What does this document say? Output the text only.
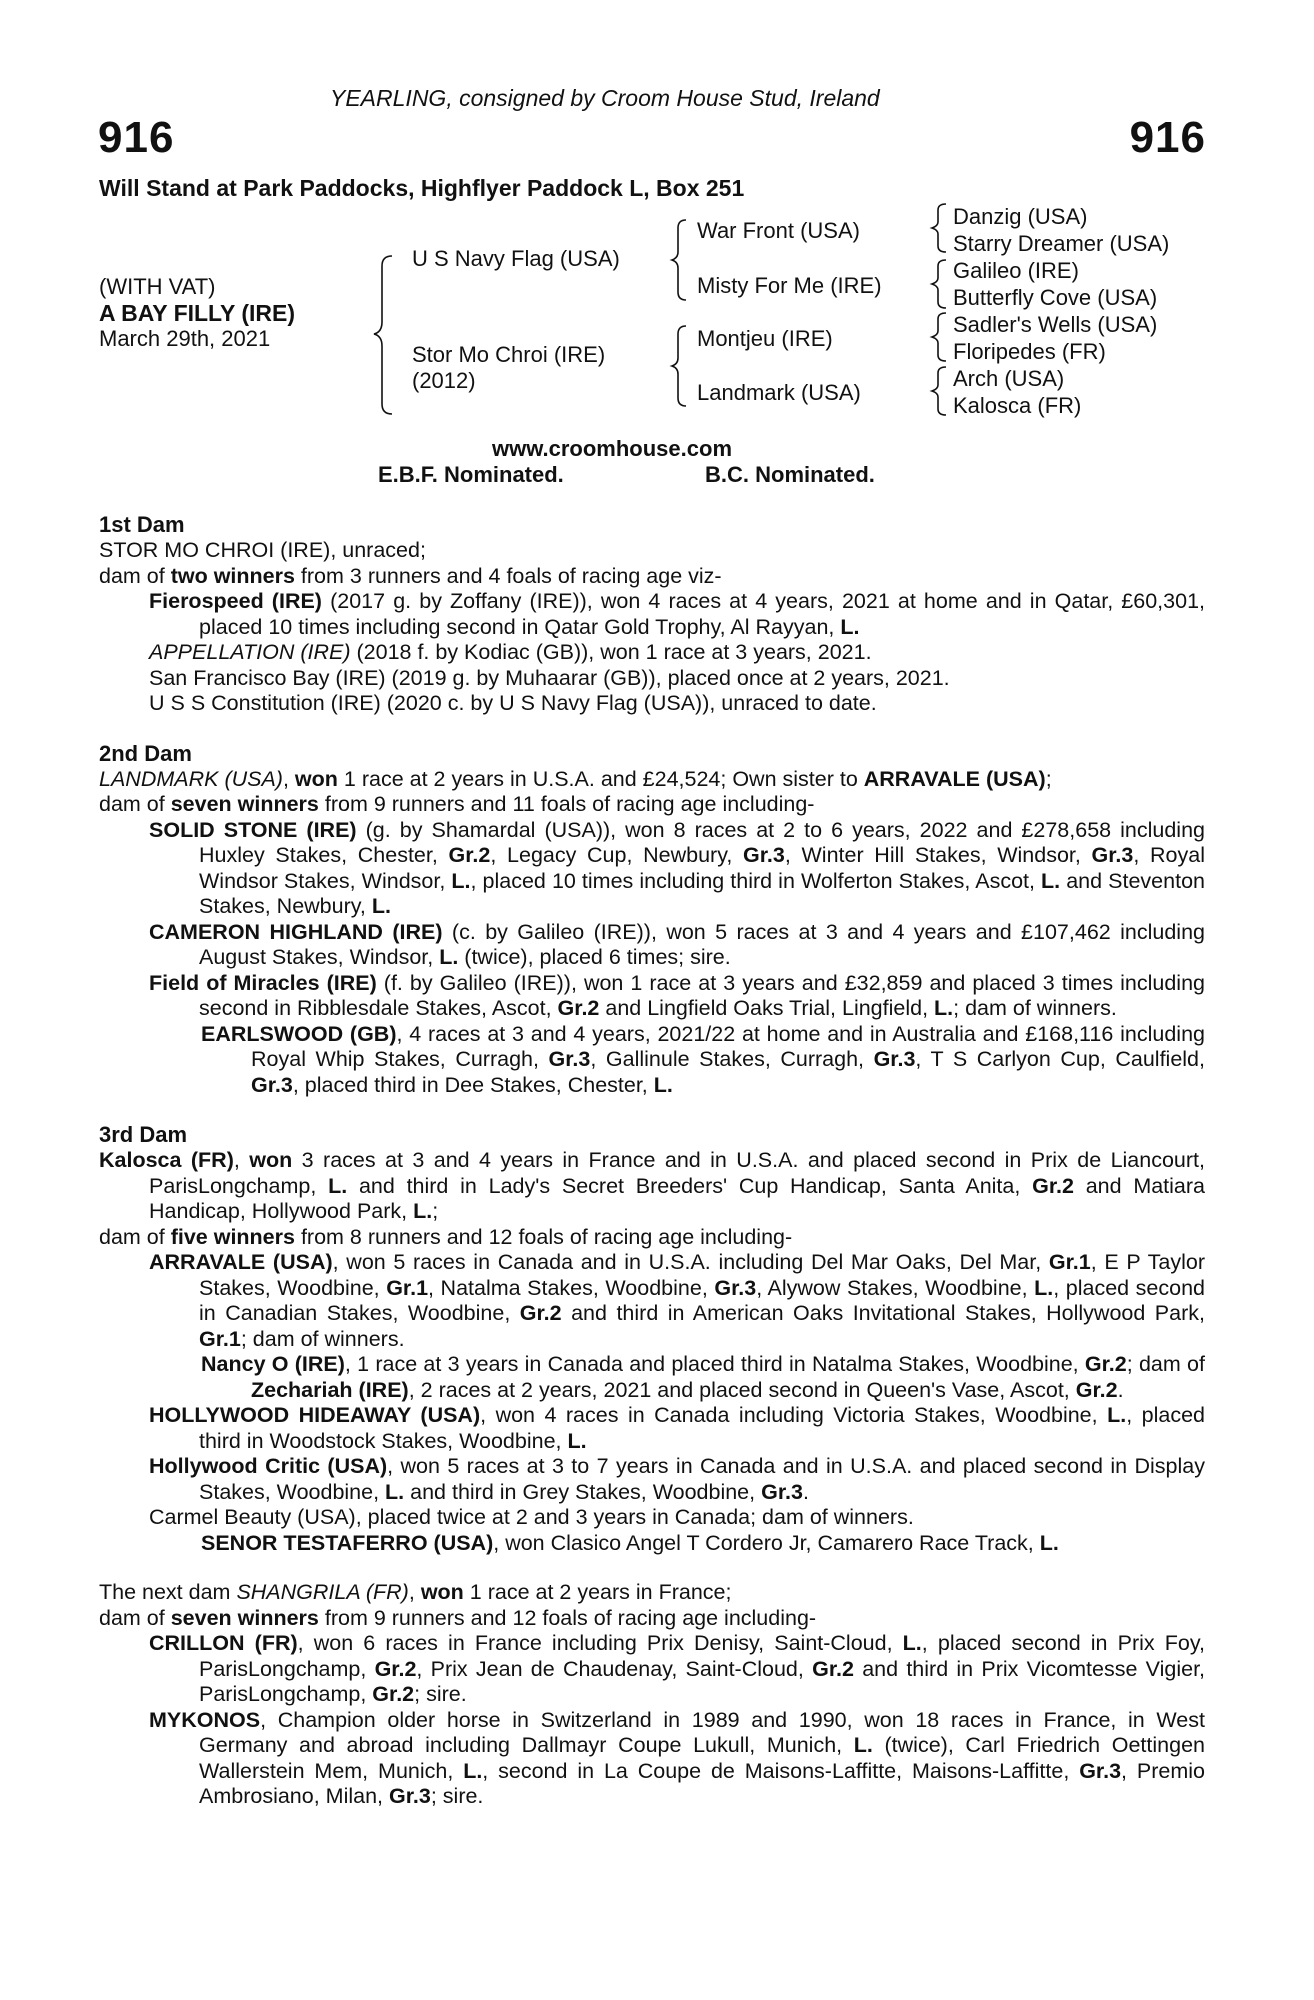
YEARLING, consigned by Croom House Stud, Ireland
916	916
Will Stand at Park Paddocks, Highflyer Paddock L, Box 251
(WITH VAT)
A BAY FILLY (IRE)
March 29th, 2021
U S Navy Flag (USA)
Stor Mo Chroi (IRE)
(2012)
War Front (USA)
Misty For Me (IRE)
Montjeu (IRE)
Landmark (USA)
Danzig (USA)
Starry Dreamer (USA)
Galileo (IRE)
Butterfly Cove (USA)
Sadler's Wells (USA)
Floripedes (FR)
Arch (USA)
Kalosca (FR)
www.croomhouse.com
E.B.F. Nominated.	B.C. Nominated.
1st Dam
STOR MO CHROI (IRE), unraced;
dam of two winners from 3 runners and 4 foals of racing age viz-
Fierospeed (IRE) (2017 g. by Zoffany (IRE)), won 4 races at 4 years, 2021 at home and in Qatar, £60,301, placed 10 times including second in Qatar Gold Trophy, Al Rayyan, L.
APPELLATION (IRE) (2018 f. by Kodiac (GB)), won 1 race at 3 years, 2021.
San Francisco Bay (IRE) (2019 g. by Muhaarar (GB)), placed once at 2 years, 2021.
U S S Constitution (IRE) (2020 c. by U S Navy Flag (USA)), unraced to date.
2nd Dam
LANDMARK (USA), won 1 race at 2 years in U.S.A. and £24,524; Own sister to ARRAVALE (USA);
dam of seven winners from 9 runners and 11 foals of racing age including-
SOLID STONE (IRE) (g. by Shamardal (USA)), won 8 races at 2 to 6 years, 2022 and £278,658 including Huxley Stakes, Chester, Gr.2, Legacy Cup, Newbury, Gr.3, Winter Hill Stakes, Windsor, Gr.3, Royal Windsor Stakes, Windsor, L., placed 10 times including third in Wolferton Stakes, Ascot, L. and Steventon Stakes, Newbury, L.
CAMERON HIGHLAND (IRE) (c. by Galileo (IRE)), won 5 races at 3 and 4 years and £107,462 including August Stakes, Windsor, L. (twice), placed 6 times; sire.
Field of Miracles (IRE) (f. by Galileo (IRE)), won 1 race at 3 years and £32,859 and placed 3 times including second in Ribblesdale Stakes, Ascot, Gr.2 and Lingfield Oaks Trial, Lingfield, L.; dam of winners.
EARLSWOOD (GB), 4 races at 3 and 4 years, 2021/22 at home and in Australia and £168,116 including Royal Whip Stakes, Curragh, Gr.3, Gallinule Stakes, Curragh, Gr.3, T S Carlyon Cup, Caulfield, Gr.3, placed third in Dee Stakes, Chester, L.
3rd Dam
Kalosca (FR), won 3 races at 3 and 4 years in France and in U.S.A. and placed second in Prix de Liancourt, ParisLongchamp, L. and third in Lady's Secret Breeders' Cup Handicap, Santa Anita, Gr.2 and Matiara Handicap, Hollywood Park, L.;
dam of five winners from 8 runners and 12 foals of racing age including-
ARRAVALE (USA), won 5 races in Canada and in U.S.A. including Del Mar Oaks, Del Mar, Gr.1, E P Taylor Stakes, Woodbine, Gr.1, Natalma Stakes, Woodbine, Gr.3, Alywow Stakes, Woodbine, L., placed second in Canadian Stakes, Woodbine, Gr.2 and third in American Oaks Invitational Stakes, Hollywood Park, Gr.1; dam of winners.
Nancy O (IRE), 1 race at 3 years in Canada and placed third in Natalma Stakes, Woodbine, Gr.2; dam of Zechariah (IRE), 2 races at 2 years, 2021 and placed second in Queen's Vase, Ascot, Gr.2.
HOLLYWOOD HIDEAWAY (USA), won 4 races in Canada including Victoria Stakes, Woodbine, L., placed third in Woodstock Stakes, Woodbine, L.
Hollywood Critic (USA), won 5 races at 3 to 7 years in Canada and in U.S.A. and placed second in Display Stakes, Woodbine, L. and third in Grey Stakes, Woodbine, Gr.3.
Carmel Beauty (USA), placed twice at 2 and 3 years in Canada; dam of winners.
SENOR TESTAFERRO (USA), won Clasico Angel T Cordero Jr, Camarero Race Track, L.
The next dam SHANGRILA (FR), won 1 race at 2 years in France;
dam of seven winners from 9 runners and 12 foals of racing age including-
CRILLON (FR), won 6 races in France including Prix Denisy, Saint-Cloud, L., placed second in Prix Foy, ParisLongchamp, Gr.2, Prix Jean de Chaudenay, Saint-Cloud, Gr.2 and third in Prix Vicomtesse Vigier, ParisLongchamp, Gr.2; sire.
MYKONOS, Champion older horse in Switzerland in 1989 and 1990, won 18 races in France, in West Germany and abroad including Dallmayr Coupe Lukull, Munich, L. (twice), Carl Friedrich Oettingen Wallerstein Mem, Munich, L., second in La Coupe de Maisons-Laffitte, Maisons-Laffitte, Gr.3, Premio Ambrosiano, Milan, Gr.3; sire.
